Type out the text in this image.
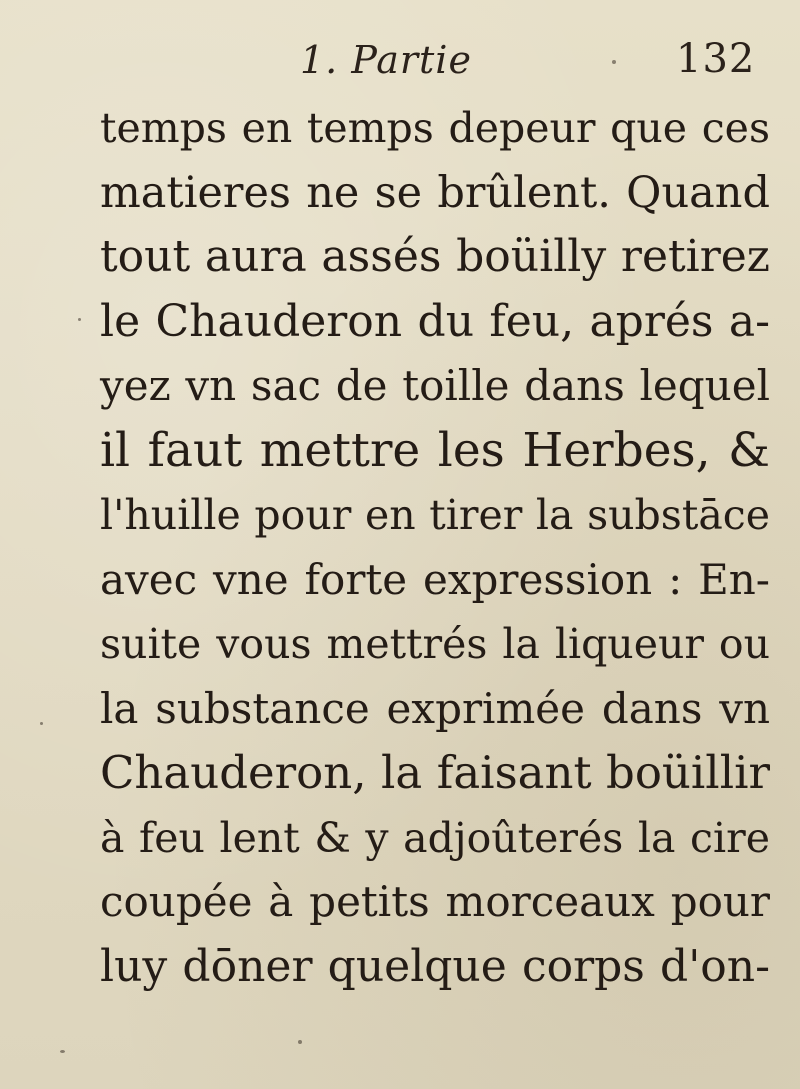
1. Partie	132
temps en temps depeur que ces
matieres ne se brûlent. Quand
tout aura assés boüilly retirez
le Chauderon du feu, aprés a-
yez vn sac de toille dans lequel
il faut mettre les Herbes, &
l'huille pour en tirer la substāce
avec vne forte expression : En-
suite vous mettrés la liqueur ou
la substance exprimée dans vn
Chauderon, la faisant boüillir
à feu lent & y adjoûterés la cire
coupée à petits morceaux pour
luy dōner quelque corps d'on-
